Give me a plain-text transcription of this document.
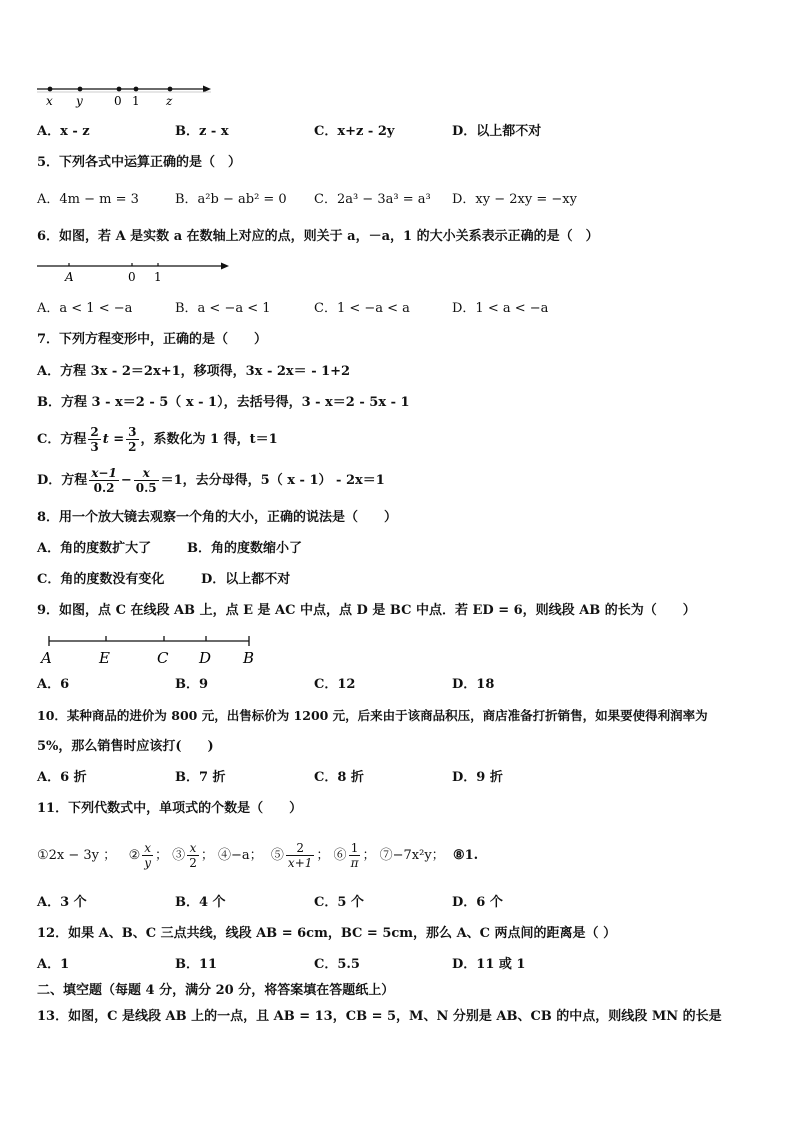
x y	0 1 z
A．x - z	B．z - x	C．x+z - 2y	D．以上都不对
5．下列各式中运算正确的是（　）
A．4m − m = 3	B．a²b − ab² = 0 C．2a³ − 3a³ = a³ D．xy − 2xy = −xy
6．如图，若 A 是实数 a 在数轴上对应的点，则关于 a，－a，1 的大小关系表示正确的是（　）
A	0 1
A．a < 1 < −a	B．a < −a < 1	C．1 < −a < a	D．1 < a < −a
7．下列方程变形中，正确的是（　　）
A．方程 3x - 2＝2x+1，移项得，3x - 2x＝ - 1+2
B．方程 3 - x＝2 - 5（ x - 1），去括号得，3 - x＝2 - 5x - 1
C．方程 $\frac{2}{3}$ $t = \frac{3}{2}$ ，系数化为 1 得，t＝1
D．方程 $\frac{x-1}{0.2} - \frac{x}{0.5} =1$，去分母得，5（ x - 1） - 2x＝1
8．用一个放大镜去观察一个角的大小，正确的说法是（　　）
A．角的度数扩大了	B．角的度数缩小了
C．角的度数没有变化	D．以上都不对
9．如图，点 C 在线段 AB 上，点 E 是 AC 中点，点 D 是 BC 中点．若 ED = 6，则线段 AB 的长为（　　）
A	E	C D B
A．6	B．9	C．12	D．18
10．某种商品的进价为 800 元，出售标价为 1200 元，后来由于该商品积压，商店准备打折销售，如果要使得利润率为
5%，那么销售时应该打(　　)
A．6 折	B．7 折	C．8 折	D．9 折
11．下列代数式中，单项式的个数是（　　）
①2x − 3y ； ② $\frac{x}{y}$ ； ③ $\frac{x}{2}$ ； ④−a； ⑤ $\frac{2}{x+1}$ ； ⑥ $\frac{1}{\pi}$ ； ⑦−7x²y； ⑧1.
A．3 个	B．4 个	C．5 个	D．6 个
12．如果 A、B、C 三点共线，线段 AB = 6cm，BC = 5cm，那么 A、C 两点间的距离是（ ）
A．1	B．11	C．5.5	D．11 或 1
二、填空题（每题 4 分，满分 20 分，将答案填在答题纸上）
13．如图，C 是线段 AB 上的一点，且 AB = 13，CB = 5，M、N 分别是 AB、CB 的中点，则线段 MN 的长是
